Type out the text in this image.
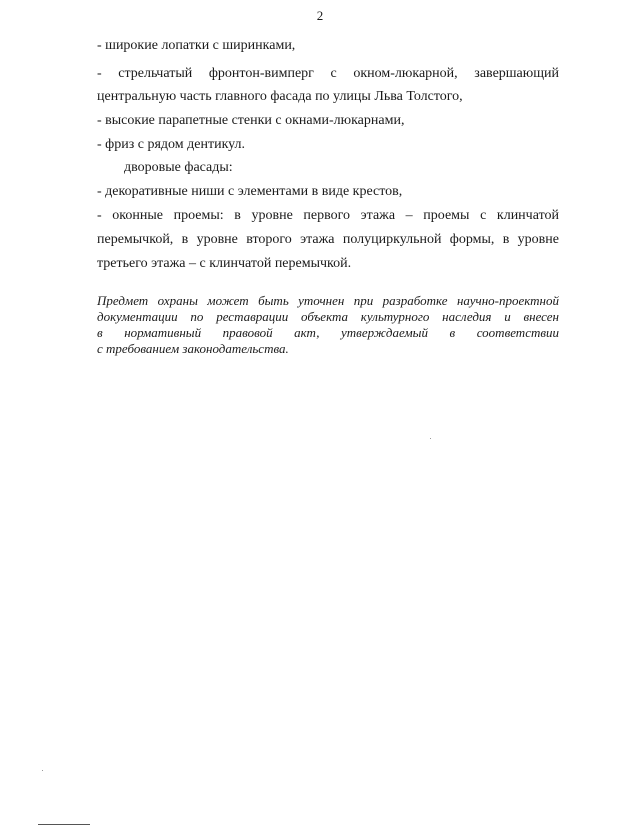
2
- широкие лопатки с ширинками,
- стрельчатый фронтон-вимперг с окном-люкарной, завершающий
центральную часть главного фасада по улицы Льва Толстого,
- высокие парапетные стенки с окнами-люкарнами,
- фриз с рядом дентикул.
дворовые фасады:
- декоративные ниши с элементами в виде крестов,
- оконные проемы: в уровне первого этажа – проемы с клинчатой
перемычкой, в уровне второго этажа полуциркульной формы, в уровне
третьего этажа – с клинчатой перемычкой.
Предмет охраны может быть уточнен при разработке научно-проектной
документации по реставрации объекта культурного наследия и внесен
в нормативный правовой акт, утверждаемый в соответствии
с требованием законодательства.
